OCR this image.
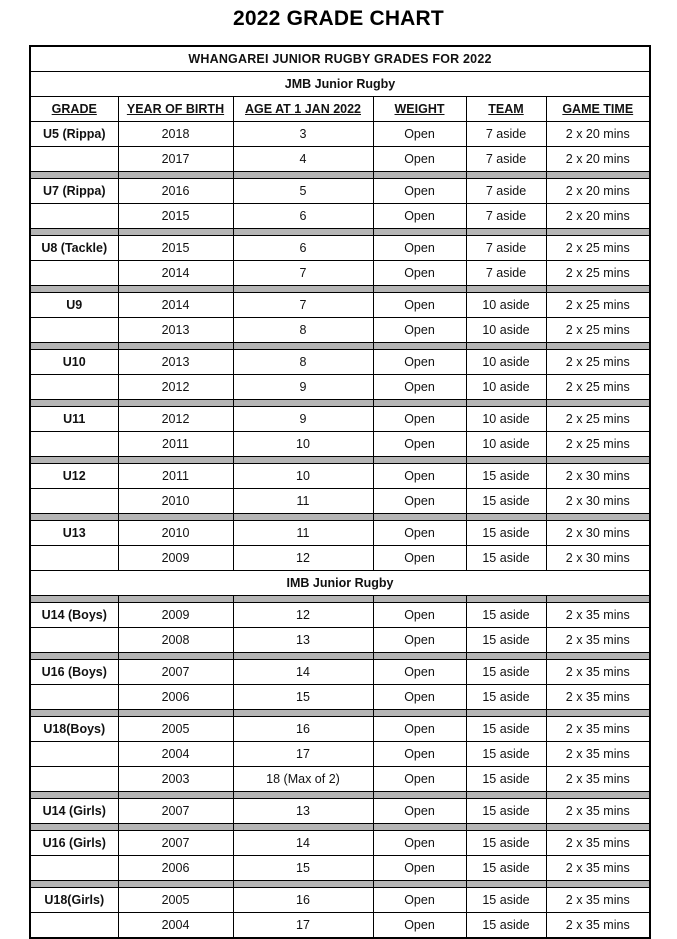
2022 GRADE CHART
WHANGAREI JUNIOR RUGBY GRADES FOR 2022					
JMB Junior Rugby					
GRADE	YEAR OF BIRTH	AGE AT 1 JAN 2022	WEIGHT	TEAM	GAME TIME
U5 (Rippa)	2018	3	Open	7 aside	2 x 20 mins
	2017	4	Open	7 aside	2 x 20 mins

U7 (Rippa)	2016	5	Open	7 aside	2 x 20 mins
	2015	6	Open	7 aside	2 x 20 mins

U8 (Tackle)	2015	6	Open	7 aside	2 x 25 mins
	2014	7	Open	7 aside	2 x 25 mins

U9	2014	7	Open	10 aside	2 x 25 mins
	2013	8	Open	10 aside	2 x 25 mins

U10	2013	8	Open	10 aside	2 x 25 mins
	2012	9	Open	10 aside	2 x 25 mins

U11	2012	9	Open	10 aside	2 x 25 mins
	2011	10	Open	10 aside	2 x 25 mins

U12	2011	10	Open	15 aside	2 x 30 mins
	2010	11	Open	15 aside	2 x 30 mins

U13	2010	11	Open	15 aside	2 x 30 mins
	2009	12	Open	15 aside	2 x 30 mins
IMB Junior Rugby					

U14 (Boys)	2009	12	Open	15 aside	2 x 35 mins
	2008	13	Open	15 aside	2 x 35 mins

U16 (Boys)	2007	14	Open	15 aside	2 x 35 mins
	2006	15	Open	15 aside	2 x 35 mins

U18(Boys)	2005	16	Open	15 aside	2 x 35 mins
	2004	17	Open	15 aside	2 x 35 mins
	2003	18 (Max of 2)	Open	15 aside	2 x 35 mins

U14 (Girls)	2007	13	Open	15 aside	2 x 35 mins

U16 (Girls)	2007	14	Open	15 aside	2 x 35 mins
	2006	15	Open	15 aside	2 x 35 mins

U18(Girls)	2005	16	Open	15 aside	2 x 35 mins
	2004	17	Open	15 aside	2 x 35 mins
